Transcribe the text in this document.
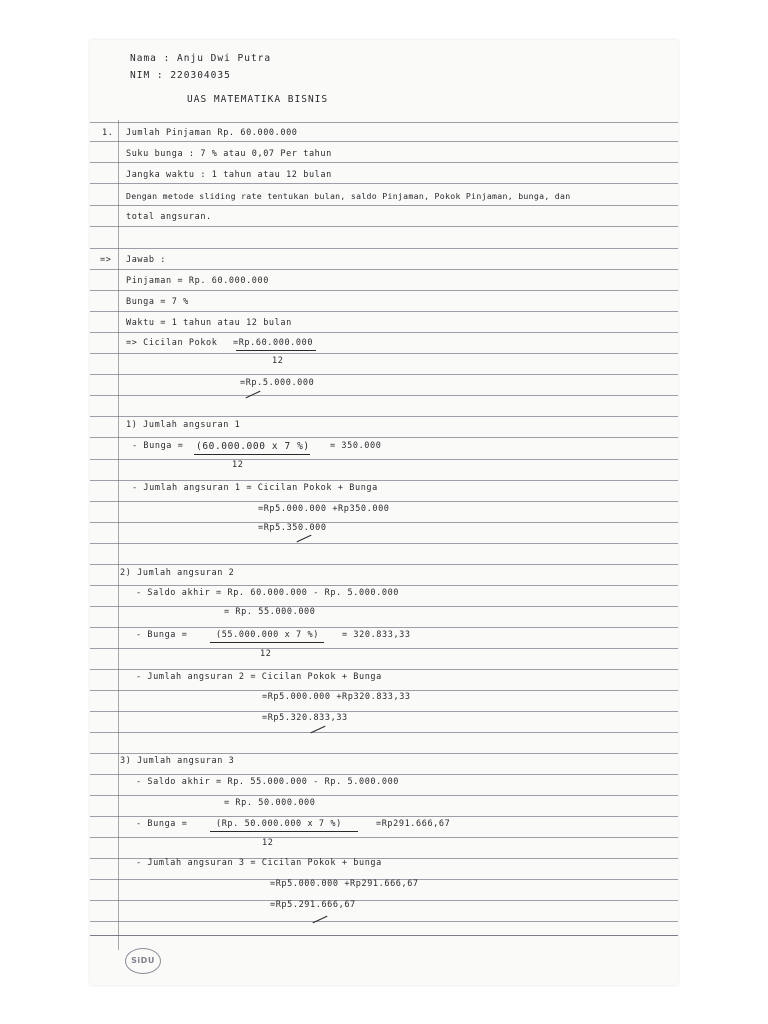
Nama : Anju Dwi Putra
NIM : 220304035
UAS MATEMATIKA BISNIS
1. Jumlah Pinjaman Rp. 60.000.000
Suku bunga : 7 % atau 0,07 Per tahun
Jangka waktu : 1 tahun atau 12 bulan
Dengan metode sliding rate tentukan bulan, saldo Pinjaman, Pokok Pinjaman, bunga, dan
total angsuran.
=> Jawab :
Pinjaman = Rp. 60.000.000
Bunga = 7 %
Waktu = 1 tahun atau 12 bulan
=> Cicilan Pokok =Rp.60.000.000
12
=Rp.5.000.000
1) Jumlah angsuran 1
- Bunga = (60.000.000 x 7 %) = 350.000
12
- Jumlah angsuran 1 = Cicilan Pokok + Bunga
=Rp5.000.000 +Rp350.000
=Rp5.350.000
2) Jumlah angsuran 2
- Saldo akhir = Rp. 60.000.000 - Rp. 5.000.000
= Rp. 55.000.000
- Bunga =	(55.000.000 x 7 %)	= 320.833,33
12
- Jumlah angsuran 2 = Cicilan Pokok + Bunga
=Rp5.000.000 +Rp320.833,33
=Rp5.320.833,33
3) Jumlah angsuran 3
- Saldo akhir = Rp. 55.000.000 - Rp. 5.000.000
= Rp. 50.000.000
- Bunga =	(Rp. 50.000.000 x 7 %)	=Rp291.666,67
12
- Jumlah angsuran 3 = Cicilan Pokok + bunga
=Rp5.000.000 +Rp291.666,67
=Rp5.291.666,67
SiDU
